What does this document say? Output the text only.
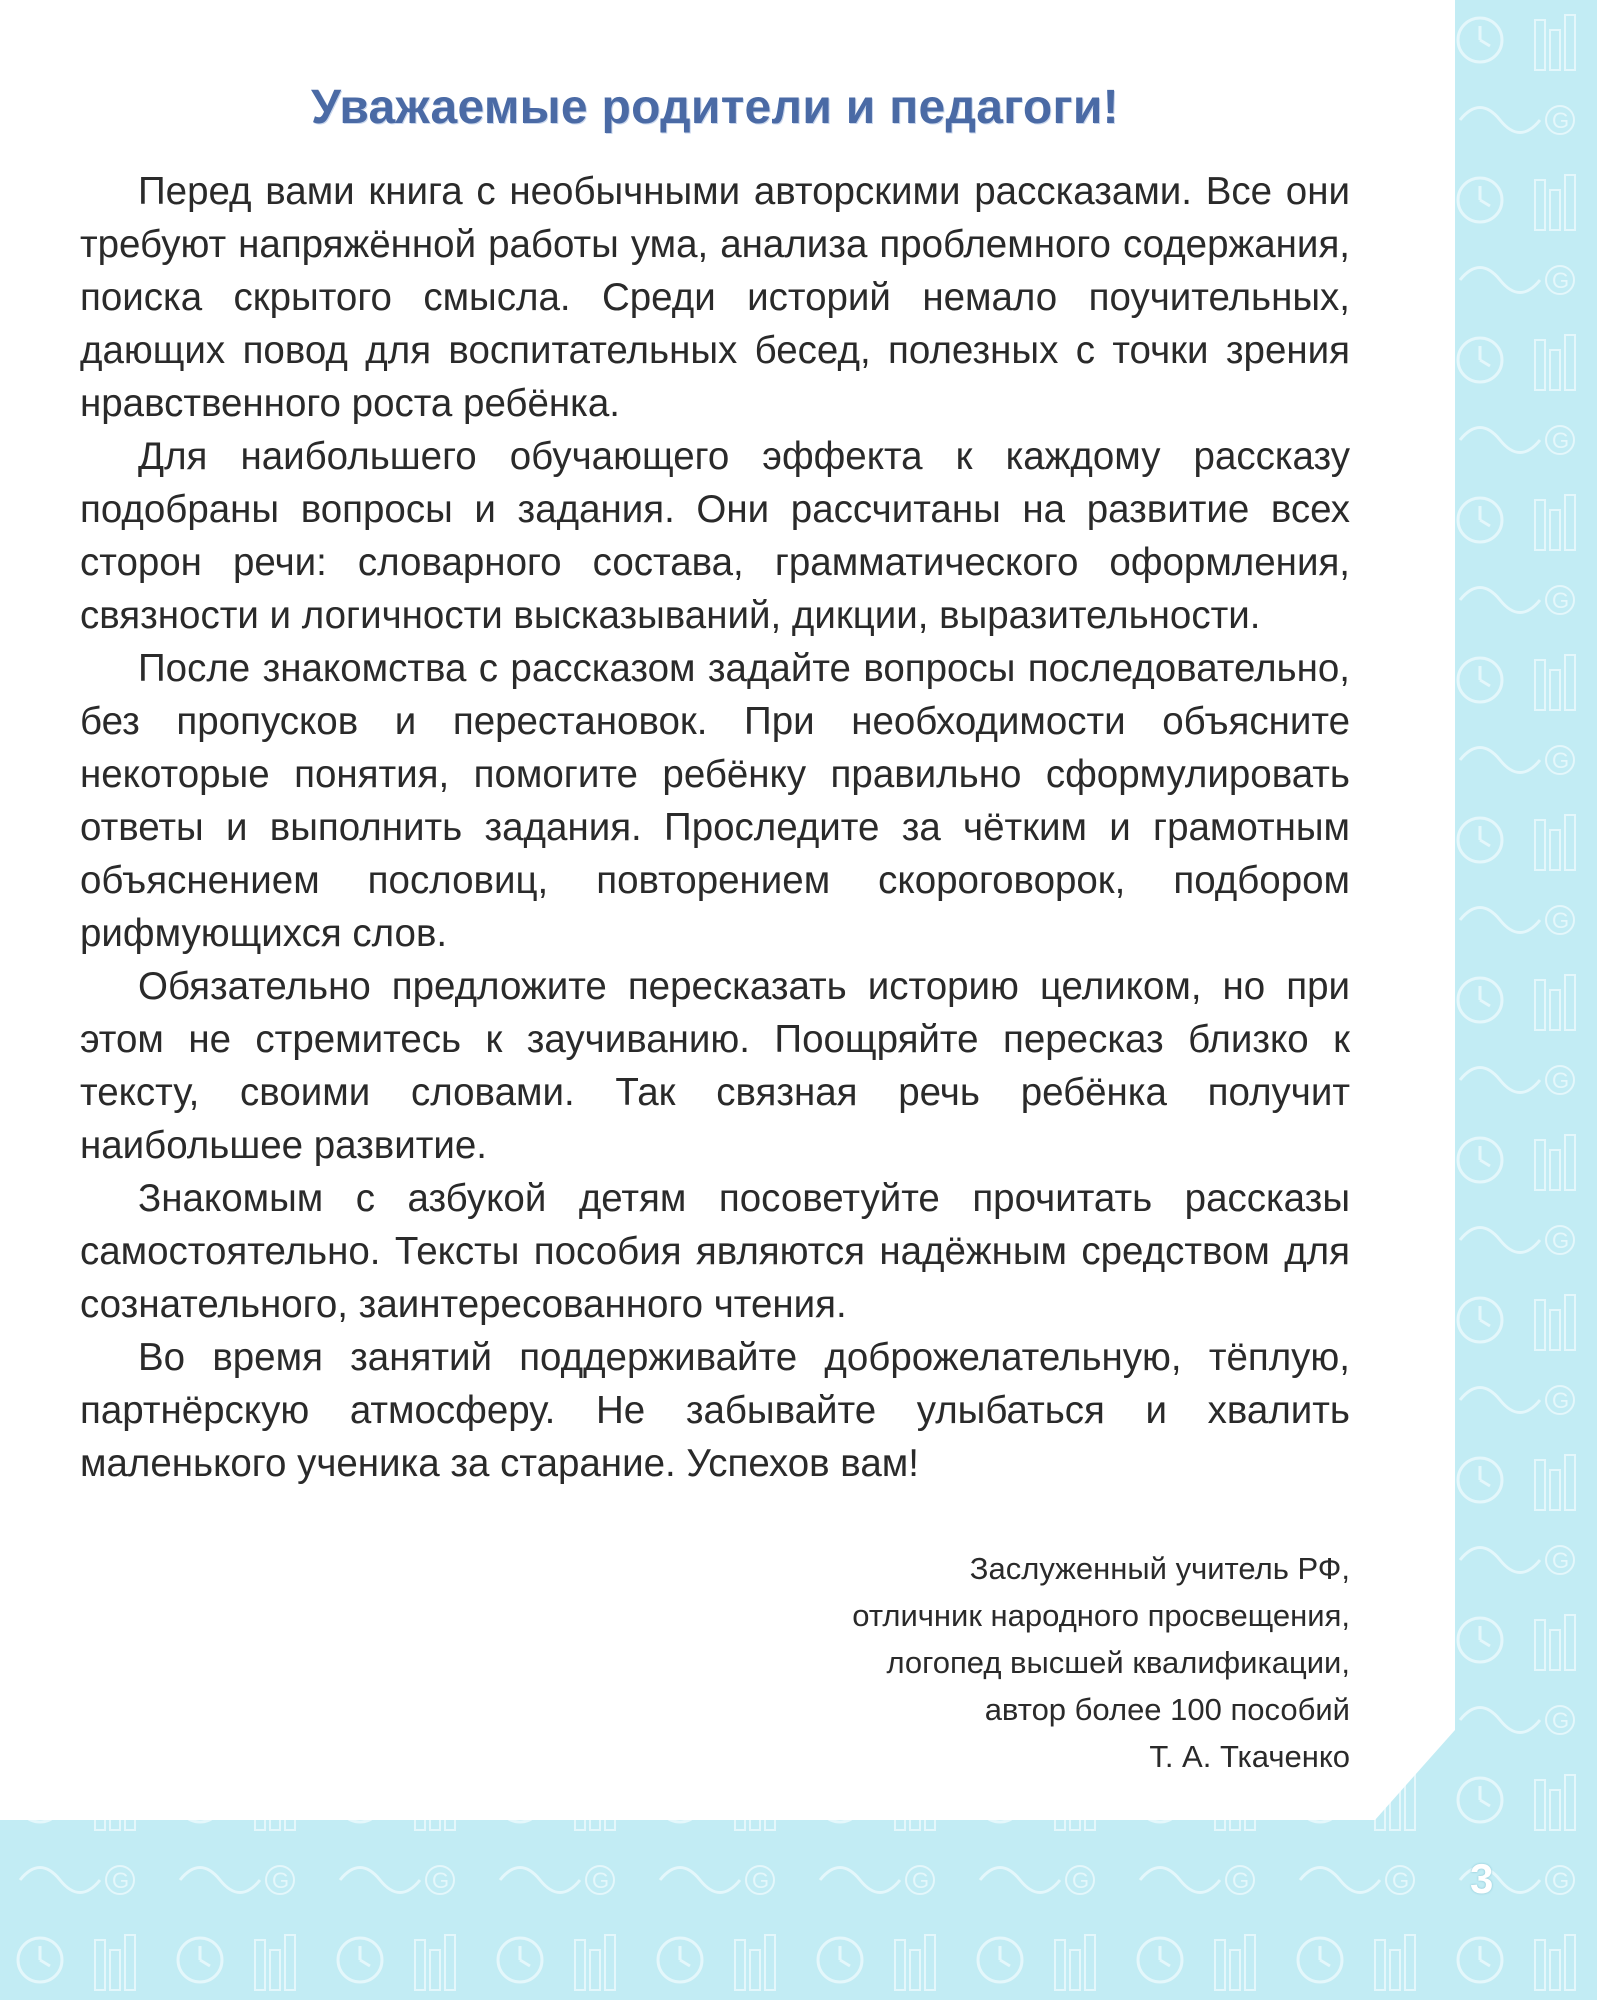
Уважаемые родители и педагоги!

Перед вами книга с необычными авторскими рассказами. Все они требуют напряжённой работы ума, анализа проблемного содержания, поиска скрытого смысла. Среди историй немало поучительных, дающих повод для воспитательных бесед, полезных с точки зрения нравственного роста ребёнка.

Для наибольшего обучающего эффекта к каждому рассказу подобраны вопросы и задания. Они рассчитаны на развитие всех сторон речи: словарного состава, грамматического оформления, связности и логичности высказываний, дикции, выразительности.

После знакомства с рассказом задайте вопросы последовательно, без пропусков и перестановок. При необходимости объясните некоторые понятия, помогите ребёнку правильно сформулировать ответы и выполнить задания. Проследите за чётким и грамотным объяснением пословиц, повторением скороговорок, подбором рифмующихся слов.

Обязательно предложите пересказать историю целиком, но при этом не стремитесь к заучиванию. Поощряйте пересказ близко к тексту, своими словами. Так связная речь ребёнка получит наибольшее развитие.

Знакомым с азбукой детям посоветуйте прочитать рассказы самостоятельно. Тексты пособия являются надёжным средством для сознательного, заинтересованного чтения.

Во время занятий поддерживайте доброжелательную, тёплую, партнёрскую атмосферу. Не забывайте улыбаться и хвалить маленького ученика за старание. Успехов вам!

Заслуженный учитель РФ,
отличник народного просвещения,
логопед высшей квалификации,
автор более 100 пособий
Т. А. Ткаченко
3
